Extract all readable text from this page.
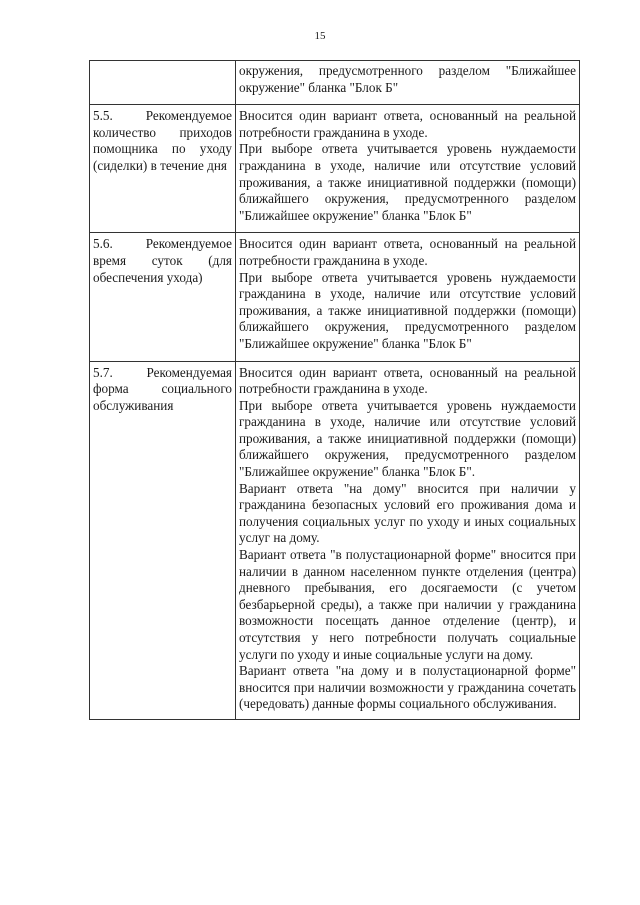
15

	окружения, предусмотренного разделом "Ближайшее окружение" бланка "Блок Б"

5.5. Рекомендуемое количество приходов помощника по уходу (сиделки) в течение дня	Вносится один вариант ответа, основанный на реальной потребности гражданина в уходе.
При выборе ответа учитывается уровень нуждаемости гражданина в уходе, наличие или отсутствие условий проживания, а также инициативной поддержки (помощи) ближайшего окружения, предусмотренного разделом "Ближайшее окружение" бланка "Блок Б"

5.6. Рекомендуемое время суток (для обеспечения ухода)	Вносится один вариант ответа, основанный на реальной потребности гражданина в уходе.
При выборе ответа учитывается уровень нуждаемости гражданина в уходе, наличие или отсутствие условий проживания, а также инициативной поддержки (помощи) ближайшего окружения, предусмотренного разделом "Ближайшее окружение" бланка "Блок Б"

5.7. Рекомендуемая форма социального обслуживания	Вносится один вариант ответа, основанный на реальной потребности гражданина в уходе.
При выборе ответа учитывается уровень нуждаемости гражданина в уходе, наличие или отсутствие условий проживания, а также инициативной поддержки (помощи) ближайшего окружения, предусмотренного разделом "Ближайшее окружение" бланка "Блок Б".
Вариант ответа "на дому" вносится при наличии у гражданина безопасных условий его проживания дома и получения социальных услуг по уходу и иных социальных услуг на дому.
Вариант ответа "в полустационарной форме" вносится при наличии в данном населенном пункте отделения (центра) дневного пребывания, его досягаемости (с учетом безбарьерной среды), а также при наличии у гражданина возможности посещать данное отделение (центр), и отсутствия у него потребности получать социальные услуги по уходу и иные социальные услуги на дому.
Вариант ответа "на дому и в полустационарной форме" вносится при наличии возможности у гражданина сочетать (чередовать) данные формы социального обслуживания.
